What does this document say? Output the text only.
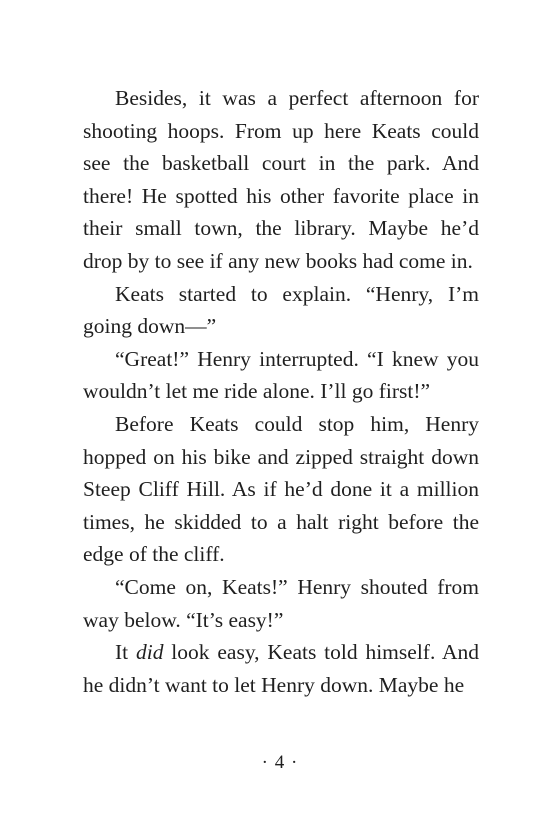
Besides, it was a perfect afternoon for shooting hoops. From up here Keats could see the basketball court in the park. And there! He spotted his other favorite place in their small town, the library. Maybe he’d drop by to see if any new books had come in.

Keats started to explain. “Henry, I’m going down—”

“Great!” Henry interrupted. “I knew you wouldn’t let me ride alone. I’ll go first!”

Before Keats could stop him, Henry hopped on his bike and zipped straight down Steep Cliff Hill. As if he’d done it a million times, he skidded to a halt right before the edge of the cliff.

“Come on, Keats!” Henry shouted from way below. “It’s easy!”

It did look easy, Keats told himself. And he didn’t want to let Henry down. Maybe he

· 4 ·
